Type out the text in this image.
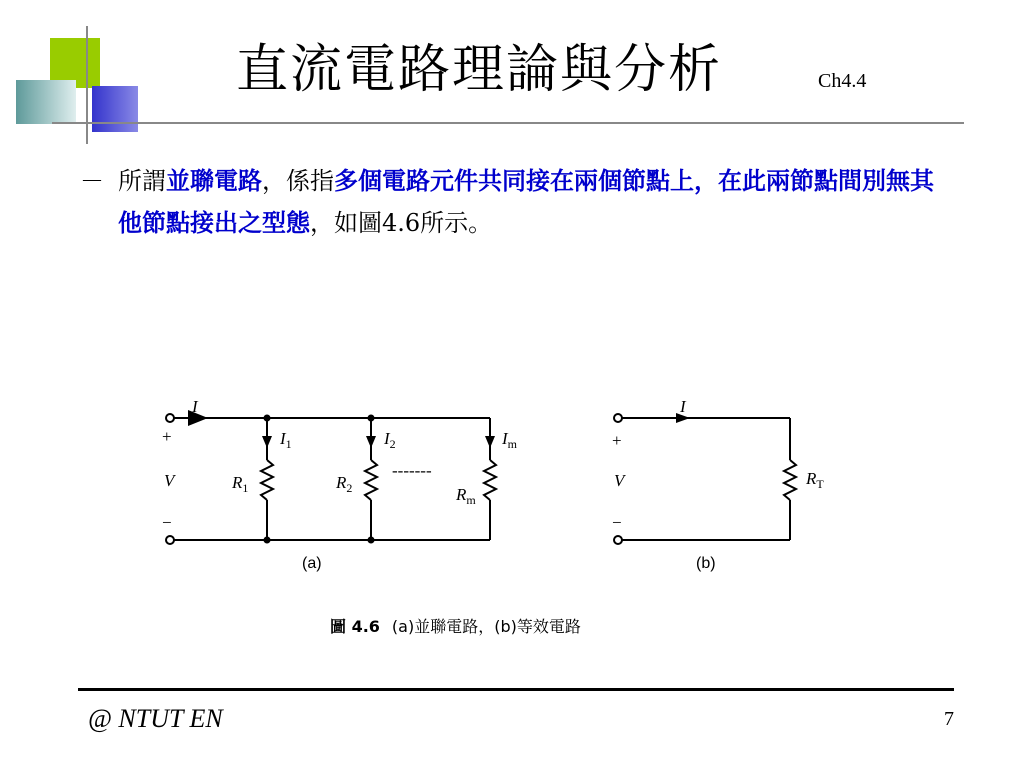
直流電路理論與分析	Ch4.4
－ 所謂並聯電路，係指多個電路元件共同接在兩個節點上，在此兩節點間別無其他節點接出之型態，如圖4.6所示。
I
+
V
−
$I_1$	$I_2$	$I_m$
$R_1$	$R_2$	$R_m$
-------
(a)
I
+
V
−
$R_T$
(b)
圖 4.6 (a)並聯電路，(b)等效電路
@ NTUT EN	7
